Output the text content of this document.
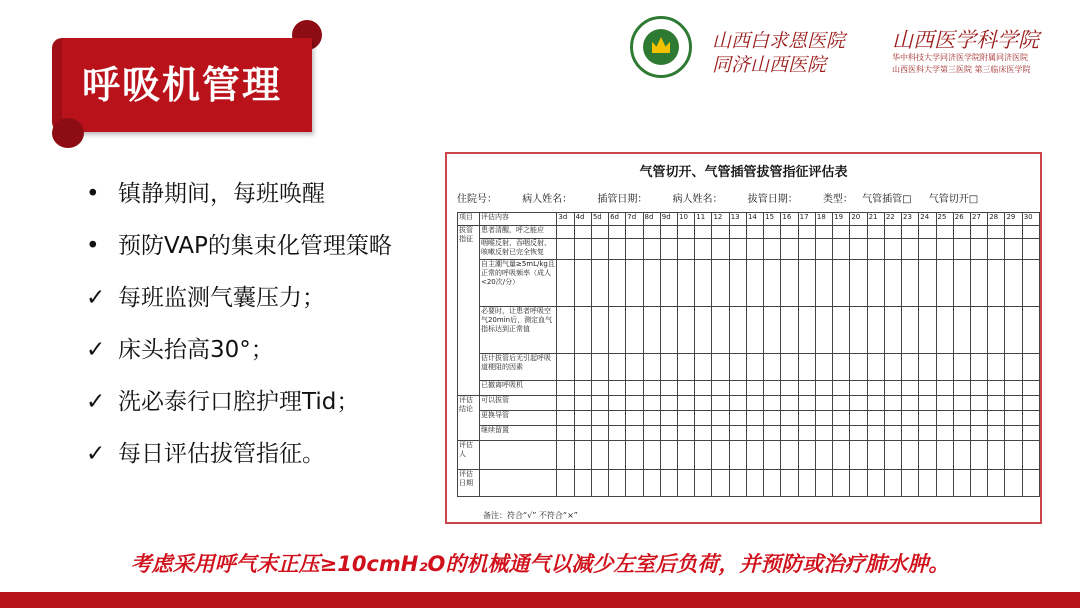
呼吸机管理
山西白求恩医院
同济山西医院
山西医学科学院
华中科技大学同济医学院附属同济医院
山西医科大学第三医院 第三临床医学院
• 镇静期间，每班唤醒
• 预防VAP的集束化管理策略
✓ 每班监测气囊压力；
✓ 床头抬高30°；
✓ 洗必泰行口腔护理Tid；
✓ 每日评估拔管指征。
气管切开、气管插管拔管指征评估表
住院号：	病人姓名：	插管日期：	病人姓名：	拔管日期：	类型： 气管插管□ 气管切开□
项目	评估内容	3d	4d	5d	6d	7d	8d	9d	10	11	12	13	14	15	16	17	18	19	20	21	22	23	24	25	26	27	28	29	30
拔管指征	患者清醒，呼之能应																												
	咽喉反射、吞咽反射、咳嗽反射已完全恢复																												
	自主潮气量≥5mL/kg且正常的呼吸频率（成人<20次/分）																												
	必要时，让患者呼吸空气20min后，测定血气指标达到正常值																												
	估计拔管后无引起呼吸道梗阻的因素																												
	已撤离呼吸机																												
评估结论	可以拔管																												
	更换导管																												
	继续留置																												
评估人																													
评估日期																													
备注：符合“√” 不符合“×”
考虑采用呼气末正压≥10cmH₂O的机械通气以减少左室后负荷，并预防或治疗肺水肿。
